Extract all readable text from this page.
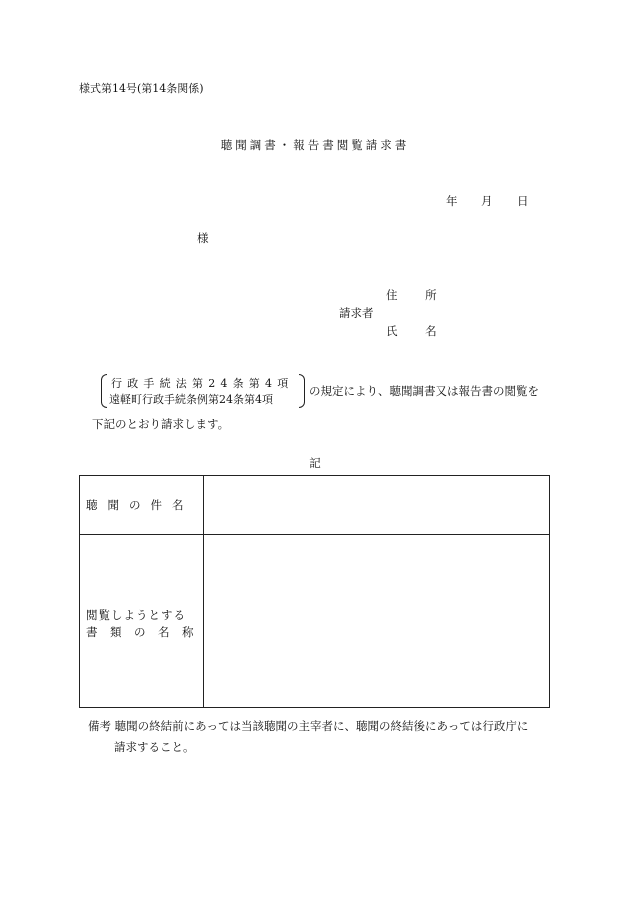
様式第14号(第14条関係)
聴聞調書・報告書閲覧請求書
年 月 日
様
住 所
請求者
氏 名
行政手続法第24条第4項
遠軽町行政手続条例第24条第4項
の規定により、聴聞調書又は報告書の閲覧を
下記のとおり請求します。
記
聴聞の件名
閲覧しようとする
書類の名称
備考 聴聞の終結前にあっては当該聴聞の主宰者に、聴聞の終結後にあっては行政庁に
請求すること。
